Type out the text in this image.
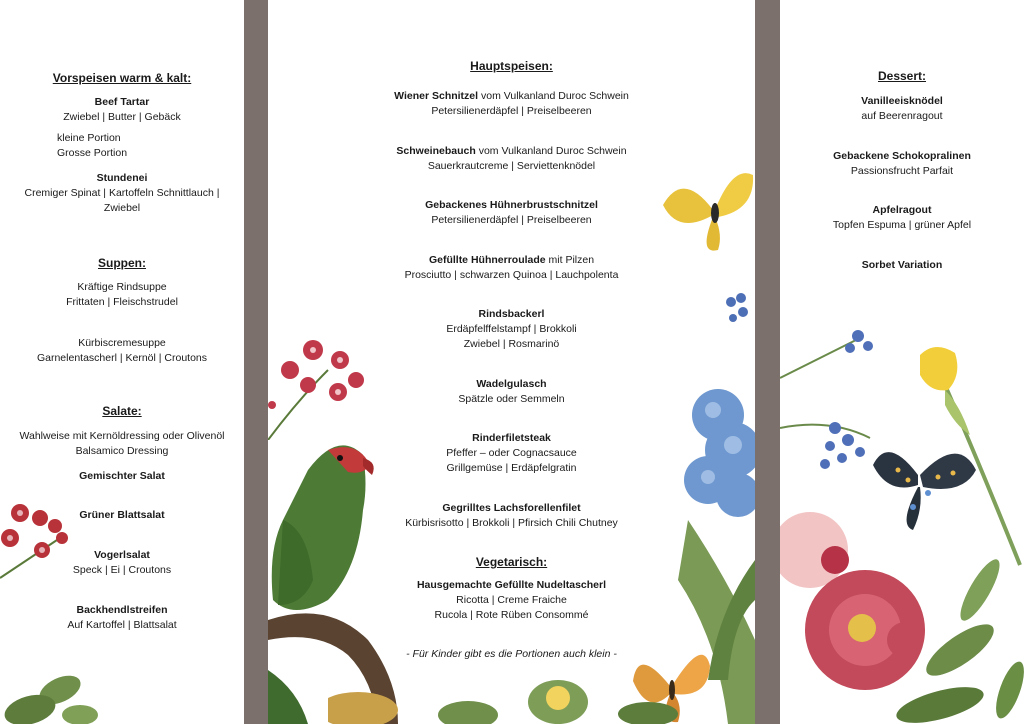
Vorspeisen warm & kalt:
Beef Tartar
Zwiebel | Butter | Gebäck
kleine Portion
Grosse Portion
Stundenei
Cremiger Spinat | Kartoffeln Schnittlauch |
Zwiebel
Suppen:
Kräftige Rindsuppe
Frittaten | Fleischstrudel
Kürbiscremesuppe
Garnelentascherl | Kernöl | Croutons
Salate:
Wahlweise mit Kernöldressing oder Olivenöl
Balsamico Dressing
Gemischter Salat
Grüner Blattsalat
Vogerlsalat
Speck | Ei | Croutons
Backhendlstreifen
Auf Kartoffel | Blattsalat
Hauptspeisen:
Wiener Schnitzel vom Vulkanland Duroc Schwein
Petersilienerdäpfel | Preiselbeeren
Schweinebauch vom Vulkanland Duroc Schwein
Sauerkrautcreme | Serviettenknödel
Gebackenes Hühnerbrustschnitzel
Petersilienerdäpfel | Preiselbeeren
Gefüllte Hühnerroulade mit Pilzen
Prosciutto | schwarzen Quinoa | Lauchpolenta
Rindsbackerl
Erdäpfelffelstampf | Brokkoli
Zwiebel | Rosmarinö
Wadelgulasch
Spätzle oder Semmeln
Rinderfiletsteak
Pfeffer – oder Cognacsauce
Grillgemüse | Erdäpfelgratin
Gegrilltes Lachsforellenfilet
Kürbisrisotto | Brokkoli | Pfirsich Chili Chutney
Vegetarisch:
Hausgemachte Gefüllte Nudeltascherl
Ricotta | Creme Fraiche
Rucola | Rote Rüben Consommé
- Für Kinder gibt es die Portionen auch klein -
Dessert:
Vanilleeisknödel
auf Beerenragout
Gebackene Schokopralinen
Passionsfrucht Parfait
Apfelragout
Topfen Espuma | grüner Apfel
Sorbet Variation
